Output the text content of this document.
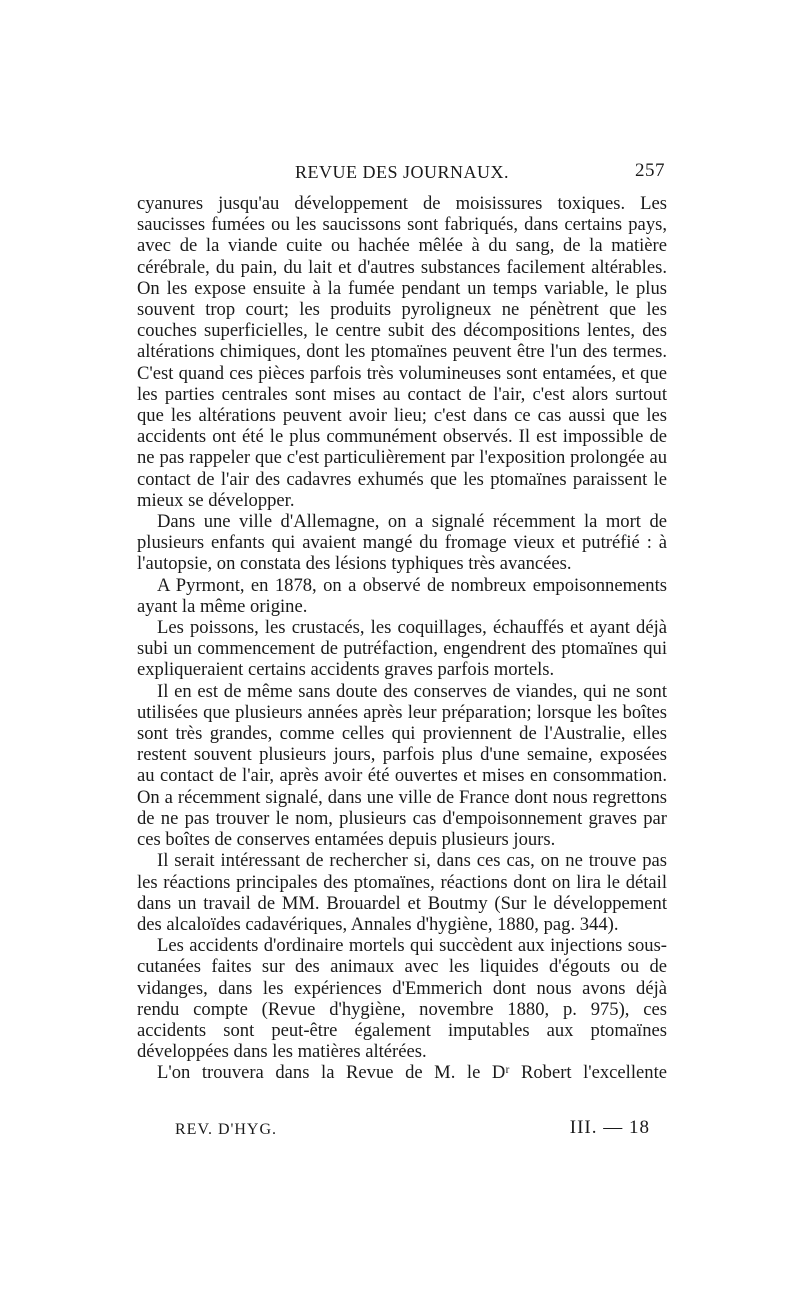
REVUE DES JOURNAUX.	257

cyanures jusqu'au développement de moisissures toxiques. Les saucisses fumées ou les saucissons sont fabriqués, dans certains pays, avec de la viande cuite ou hachée mêlée à du sang, de la matière cérébrale, du pain, du lait et d'autres substances facilement altérables. On les expose ensuite à la fumée pendant un temps variable, le plus souvent trop court; les produits pyroligneux ne pénètrent que les couches superficielles, le centre subit des décompositions lentes, des altérations chimiques, dont les ptomaïnes peuvent être l'un des termes. C'est quand ces pièces parfois très volumineuses sont entamées, et que les parties centrales sont mises au contact de l'air, c'est alors surtout que les altérations peuvent avoir lieu; c'est dans ce cas aussi que les accidents ont été le plus communément observés. Il est impossible de ne pas rappeler que c'est particulièrement par l'exposition prolongée au contact de l'air des cadavres exhumés que les ptomaïnes paraissent le mieux se développer.

Dans une ville d'Allemagne, on a signalé récemment la mort de plusieurs enfants qui avaient mangé du fromage vieux et putréfié : à l'autopsie, on constata des lésions typhiques très avancées.

A Pyrmont, en 1878, on a observé de nombreux empoisonnements ayant la même origine.

Les poissons, les crustacés, les coquillages, échauffés et ayant déjà subi un commencement de putréfaction, engendrent des ptomaïnes qui expliqueraient certains accidents graves parfois mortels.

Il en est de même sans doute des conserves de viandes, qui ne sont utilisées que plusieurs années après leur préparation; lorsque les boîtes sont très grandes, comme celles qui proviennent de l'Australie, elles restent souvent plusieurs jours, parfois plus d'une semaine, exposées au contact de l'air, après avoir été ouvertes et mises en consommation. On a récemment signalé, dans une ville de France dont nous regrettons de ne pas trouver le nom, plusieurs cas d'empoisonnement graves par ces boîtes de conserves entamées depuis plusieurs jours.

Il serait intéressant de rechercher si, dans ces cas, on ne trouve pas les réactions principales des ptomaïnes, réactions dont on lira le détail dans un travail de MM. Brouardel et Boutmy (Sur le développement des alcaloïdes cadavériques, Annales d'hygiène, 1880, pag. 344).

Les accidents d'ordinaire mortels qui succèdent aux injections sous-cutanées faites sur des animaux avec les liquides d'égouts ou de vidanges, dans les expériences d'Emmerich dont nous avons déjà rendu compte (Revue d'hygiène, novembre 1880, p. 975), ces accidents sont peut-être également imputables aux ptomaïnes développées dans les matières altérées.

L'on trouvera dans la Revue de M. le Dʳ Robert l'excellente

REV. D'HYG.	III. — 18
